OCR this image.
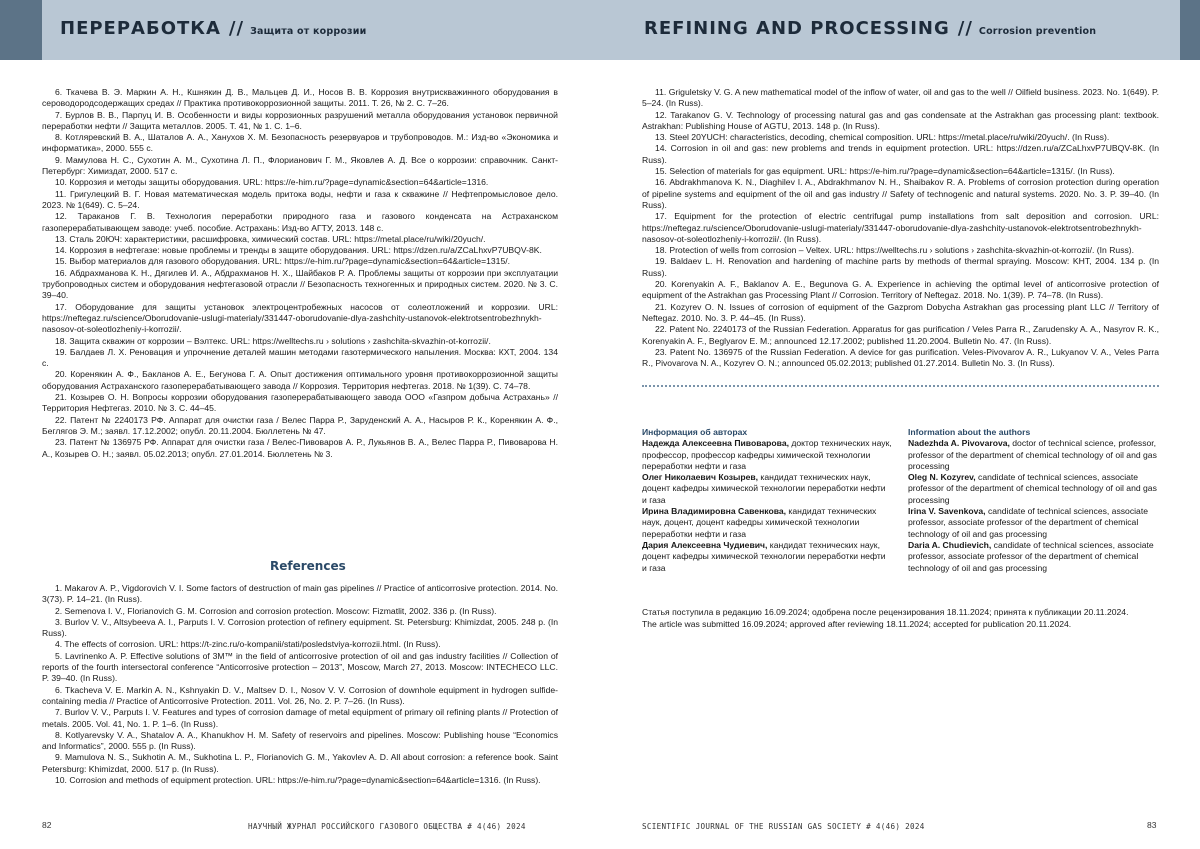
ПЕРЕРАБОТКА // Защита от коррозии	REFINING AND PROCESSING // Corrosion prevention

6. Ткачева В. Э. Маркин А. Н., Кшнякин Д. В., Мальцев Д. И., Носов В. В. Коррозия внутрискважинного оборудования в сероводородсодержащих средах // Практика противокоррозионной защиты. 2011. Т. 26, № 2. С. 7–26.

7. Бурлов В. В., Парпуц И. В. Особенности и виды коррозионных разрушений металла оборудования установок первичной переработки нефти // Защита металлов. 2005. Т. 41, № 1. С. 1–6.

8. Котляревский В. А., Шаталов А. А., Ханухов Х. М. Безопасность резервуаров и трубопроводов. М.: Изд-во «Экономика и информатика», 2000. 555 с.

9. Мамулова Н. С., Сухотин А. М., Сухотина Л. П., Флорианович Г. М., Яковлев А. Д. Все о коррозии: справочник. Санкт-Петербург: Химиздат, 2000. 517 с.

10. Коррозия и методы защиты оборудования. URL: https://e-him.ru/?page=dynamic&section=64&article=1316.

11. Григулецкий В. Г. Новая математическая модель притока воды, нефти и газа к скважине // Нефтепромысловое дело. 2023. № 1(649). С. 5–24.

12. Тараканов Г. В. Технология переработки природного газа и газового конденсата на Астраханском газоперерабатывающем заводе: учеб. пособие. Астрахань: Изд-во АГТУ, 2013. 148 с.

13. Сталь 20ЮЧ: характеристики, расшифровка, химический состав. URL: https://metal.place/ru/wiki/20yuch/.

14. Коррозия в нефтегазе: новые проблемы и тренды в защите оборудования. URL: https://dzen.ru/a/ZCaLhxvP7UBQV-8K.

15. Выбор материалов для газового оборудования. URL: https://e-him.ru/?page=dynamic&section=64&article=1315/.

16. Абдрахманова К. Н., Дягилев И. А., Абдрахманов Н. Х., Шайбаков Р. А. Проблемы защиты от коррозии при эксплуатации трубопроводных систем и оборудования нефтегазовой отрасли // Безопасность техногенных и природных систем. 2020. № 3. С. 39–40.

17. Оборудование для защиты установок электроцентробежных насосов от солеотложений и коррозии. URL: https://neftegaz.ru/science/Oborudovanie-uslugi-materialy/331447-oborudovanie-dlya-zashchity-ustanovok-elektrotsentrobezhnykh-nasosov-ot-soleotlozheniy-i-korrozii/.

18. Защита скважин от коррозии – Вэлтекс. URL: https://welltechs.ru › solutions › zashchita-skvazhin-ot-korrozii/.

19. Балдаев Л. Х. Реновация и упрочнение деталей машин методами газотермического напыления. Москва: КХТ, 2004. 134 с.

20. Коренякин А. Ф., Бакланов А. Е., Бегунова Г. А. Опыт достижения оптимального уровня противокоррозионной защиты оборудования Астраханского газоперерабатывающего завода // Коррозия. Территория нефтегаз. 2018. № 1(39). С. 74–78.

21. Козырев О. Н. Вопросы коррозии оборудования газоперерабатывающего завода ООО «Газпром добыча Астрахань» // Территория Нефтегаз. 2010. № 3. С. 44–45.

22. Патент № 2240173 РФ. Аппарат для очистки газа / Велес Парра Р., Заруденский А. А., Насыров Р. К., Коренякин А. Ф., Беглягов Э. М.; заявл. 17.12.2002; опубл. 20.11.2004. Бюллетень № 47.

23. Патент № 136975 РФ. Аппарат для очистки газа / Велес-Пивоваров А. Р., Лукьянов В. А., Велес Парра Р., Пивоварова Н. А., Козырев О. Н.; заявл. 05.02.2013; опубл. 27.01.2014. Бюллетень № 3.

References

1. Makarov A. P., Vigdorovich V. I. Some factors of destruction of main gas pipelines // Practice of anticorrosive protection. 2014. No. 3(73). P. 14–21. (In Russ).

2. Semenova I. V., Florianovich G. M. Corrosion and corrosion protection. Moscow: Fizmatlit, 2002. 336 p. (In Russ).

3. Burlov V. V., Altsybeeva A. I., Parputs I. V. Corrosion protection of refinery equipment. St. Petersburg: Khimizdat, 2005. 248 p. (In Russ).

4. The effects of corrosion. URL: https://t-zinc.ru/o-kompanii/stati/posledstviya-korrozii.html. (In Russ).

5. Lavrinenko A. P. Effective solutions of 3M™ in the field of anticorrosive protection of oil and gas industry facilities // Collection of reports of the fourth intersectoral conference “Anticorrosive protection – 2013”, Moscow, March 27, 2013. Moscow: INTECHECO LLC. P. 39–40. (In Russ).

6. Tkacheva V. E. Markin A. N., Kshnyakin D. V., Maltsev D. I., Nosov V. V. Corrosion of downhole equipment in hydrogen sulfide-containing media // Practice of Anticorrosive Protection. 2011. Vol. 26, No. 2. P. 7–26. (In Russ).

7. Burlov V. V., Parputs I. V. Features and types of corrosion damage of metal equipment of primary oil refining plants // Protection of metals. 2005. Vol. 41, No. 1. P. 1–6. (In Russ).

8. Kotlyarevsky V. A., Shatalov A. A., Khanukhov H. M. Safety of reservoirs and pipelines. Moscow: Publishing house “Economics and Informatics”, 2000. 555 p. (In Russ).

9. Mamulova N. S., Sukhotin A. M., Sukhotina L. P., Florianovich G. M., Yakovlev A. D. All about corrosion: a reference book. Saint Petersburg: Khimizdat, 2000. 517 p. (In Russ).

10. Corrosion and methods of equipment protection. URL: https://e-him.ru/?page=dynamic&section=64&article=1316. (In Russ).

11. Griguletsky V. G. A new mathematical model of the inflow of water, oil and gas to the well // Oilfield business. 2023. No. 1(649). P. 5–24. (In Russ).

12. Tarakanov G. V. Technology of processing natural gas and gas condensate at the Astrakhan gas processing plant: textbook. Astrakhan: Publishing House of AGTU, 2013. 148 p. (In Russ).

13. Steel 20YUCH: characteristics, decoding, chemical composition. URL: https://metal.place/ru/wiki/20yuch/. (In Russ).

14. Corrosion in oil and gas: new problems and trends in equipment protection. URL: https://dzen.ru/a/ZCaLhxvP7UBQV-8K. (In Russ).

15. Selection of materials for gas equipment. URL: https://e-him.ru/?page=dynamic&section=64&article=1315/. (In Russ).

16. Abdrakhmanova K. N., Diaghilev I. A., Abdrakhmanov N. H., Shaibakov R. A. Problems of corrosion protection during operation of pipeline systems and equipment of the oil and gas industry // Safety of technogenic and natural systems. 2020. No. 3. P. 39–40. (In Russ).

17. Equipment for the protection of electric centrifugal pump installations from salt deposition and corrosion. URL: https://neftegaz.ru/science/Oborudovanie-uslugi-materialy/331447-oborudovanie-dlya-zashchity-ustanovok-elektrotsentrobezhnykh-nasosov-ot-soleotlozheniy-i-korrozii/. (In Russ).

18. Protection of wells from corrosion – Veltex. URL: https://welltechs.ru › solutions › zashchita-skvazhin-ot-korrozii/. (In Russ).

19. Baldaev L. H. Renovation and hardening of machine parts by methods of thermal spraying. Moscow: KHT, 2004. 134 p. (In Russ).

20. Korenyakin A. F., Baklanov A. E., Begunova G. A. Experience in achieving the optimal level of anticorrosive protection of equipment of the Astrakhan gas Processing Plant // Corrosion. Territory of Neftegaz. 2018. No. 1(39). P. 74–78. (In Russ).

21. Kozyrev O. N. Issues of corrosion of equipment of the Gazprom Dobycha Astrakhan gas processing plant LLC // Territory of Neftegaz. 2010. No. 3. P. 44–45. (In Russ).

22. Patent No. 2240173 of the Russian Federation. Apparatus for gas purification / Veles Parra R., Zarudensky A. A., Nasyrov R. K., Korenyakin A. F., Beglyarov E. M.; announced 12.17.2002; published 11.20.2004. Bulletin No. 47. (In Russ).

23. Patent No. 136975 of the Russian Federation. A device for gas purification. Veles-Pivovarov A. R., Lukyanov V. A., Veles Parra R., Pivovarova N. A., Kozyrev O. N.; announced 05.02.2013; published 01.27.2014. Bulletin No. 3. (In Russ).

Информация об авторах
Надежда Алексеевна Пивоварова, доктор технических наук, профессор, профессор кафедры химической технологии переработки нефти и газа
Олег Николаевич Козырев, кандидат технических наук, доцент кафедры химической технологии переработки нефти и газа
Ирина Владимировна Савенкова, кандидат технических наук, доцент, доцент кафедры химической технологии переработки нефти и газа
Дария Алексеевна Чудиевич, кандидат технических наук, доцент кафедры химической технологии переработки нефти и газа
Information about the authors
Nadezhda A. Pivovarova, doctor of technical science, professor, professor of the department of chemical technology of oil and gas processing
Oleg N. Kozyrev, candidate of technical sciences, associate professor of the department of chemical technology of oil and gas processing
Irina V. Savenkova, candidate of technical sciences, associate professor, associate professor of the department of chemical technology of oil and gas processing
Daria A. Chudievich, candidate of technical sciences, associate professor, associate professor of the department of chemical technology of oil and gas processing
Статья поступила в редакцию 16.09.2024; одобрена после рецензирования 18.11.2024; принята к публикации 20.11.2024.
The article was submitted 16.09.2024; approved after reviewing 18.11.2024; accepted for publication 20.11.2024.
82	НАУЧНЫЙ ЖУРНАЛ РОССИЙСКОГО ГАЗОВОГО ОБЩЕСТВА # 4(46) 2024	SCIENTIFIC JOURNAL OF THE RUSSIAN GAS SOCIETY # 4(46) 2024	83
